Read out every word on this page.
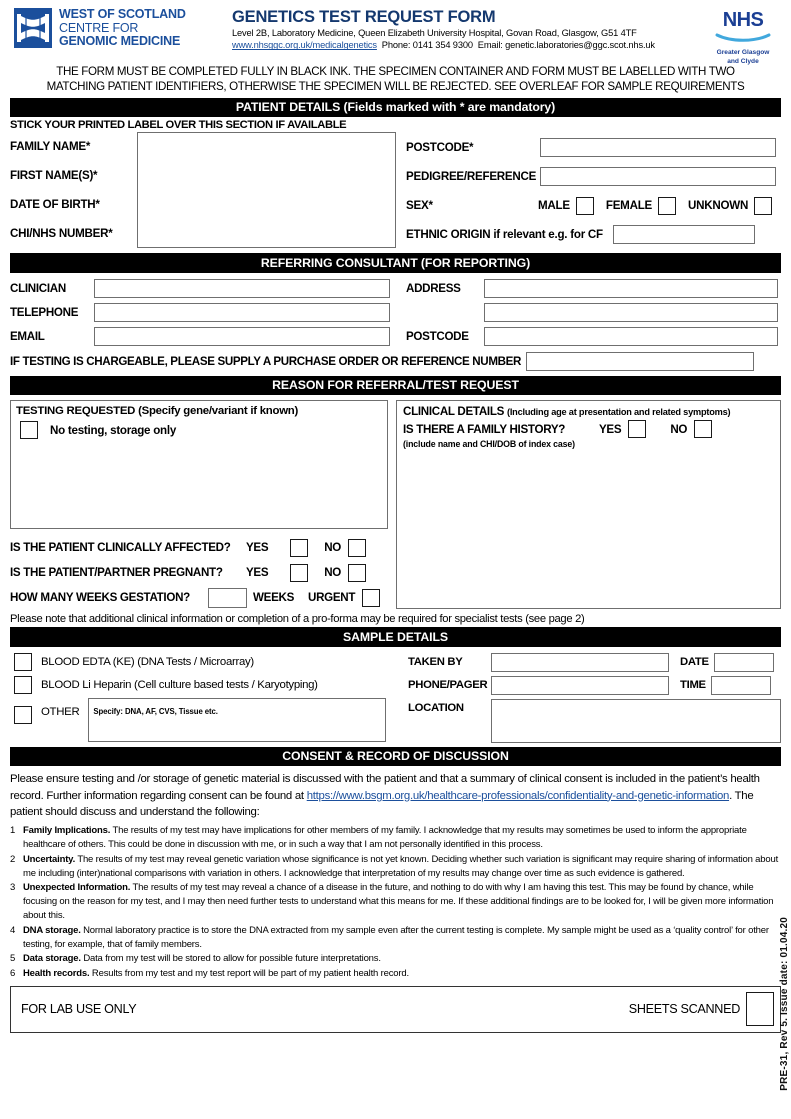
WEST OF SCOTLAND
CENTRE FOR
GENOMIC MEDICINE
GENETICS TEST REQUEST FORM
Level 2B, Laboratory Medicine, Queen Elizabeth University Hospital, Govan Road, Glasgow, G51 4TF
www.nhsggc.org.uk/medicalgenetics Phone: 0141 354 9300 Email: genetic.laboratories@ggc.scot.nhs.uk
NHS
Greater Glasgow
and Clyde
THE FORM MUST BE COMPLETED FULLY IN BLACK INK. THE SPECIMEN CONTAINER AND FORM MUST BE LABELLED WITH TWO
MATCHING PATIENT IDENTIFIERS, OTHERWISE THE SPECIMEN WILL BE REJECTED. SEE OVERLEAF FOR SAMPLE REQUIREMENTS
PATIENT DETAILS (Fields marked with * are mandatory)
STICK YOUR PRINTED LABEL OVER THIS SECTION IF AVAILABLE
FAMILY NAME*
FIRST NAME(S)*
DATE OF BIRTH*
CHI/NHS NUMBER*
POSTCODE*
PEDIGREE/REFERENCE
SEX*	MALE	FEMALE	UNKNOWN
ETHNIC ORIGIN if relevant e.g. for CF
REFERRING CONSULTANT (FOR REPORTING)
CLINICIAN
TELEPHONE
EMAIL
ADDRESS
POSTCODE
IF TESTING IS CHARGEABLE, PLEASE SUPPLY A PURCHASE ORDER OR REFERENCE NUMBER
REASON FOR REFERRAL/TEST REQUEST
TESTING REQUESTED (Specify gene/variant if known)
No testing, storage only
IS THE PATIENT CLINICALLY AFFECTED?	YES	NO
IS THE PATIENT/PARTNER PREGNANT?	YES	NO
HOW MANY WEEKS GESTATION?	WEEKS URGENT
CLINICAL DETAILS (Including age at presentation and related symptoms)
IS THERE A FAMILY HISTORY?	YES	NO
(include name and CHI/DOB of index case)
Please note that additional clinical information or completion of a pro-forma may be required for specialist tests (see page 2)
SAMPLE DETAILS
BLOOD EDTA (KE) (DNA Tests / Microarray)
BLOOD Li Heparin (Cell culture based tests / Karyotyping)
OTHER	Specify: DNA, AF, CVS, Tissue etc.
TAKEN BY	DATE
PHONE/PAGER	TIME
LOCATION
CONSENT & RECORD OF DISCUSSION
Please ensure testing and /or storage of genetic material is discussed with the patient and that a summary of clinical consent is included in the patient’s health record. Further information regarding consent can be found at https://www.bsgm.org.uk/healthcare-professionals/confidentiality-and-genetic-information. The patient should discuss and understand the following:
1 Family Implications. The results of my test may have implications for other members of my family. I acknowledge that my results may sometimes be used to inform the appropriate healthcare of others. This could be done in discussion with me, or in such a way that I am not personally identified in this process.
2 Uncertainty. The results of my test may reveal genetic variation whose significance is not yet known. Deciding whether such variation is significant may require sharing of information about me including (inter)national comparisons with variation in others. I acknowledge that interpretation of my results may change over time as such evidence is gathered.
3 Unexpected Information. The results of my test may reveal a chance of a disease in the future, and nothing to do with why I am having this test. This may be found by chance, while focusing on the reason for my test, and I may then need further tests to understand what this means for me. If these additional findings are to be looked for, I will be given more information about this.
4 DNA storage. Normal laboratory practice is to store the DNA extracted from my sample even after the current testing is complete. My sample might be used as a ‘quality control’ for other testing, for example, that of family members.
5 Data storage. Data from my test will be stored to allow for possible future interpretations.
6 Health records. Results from my test and my test report will be part of my patient health record.
FOR LAB USE ONLY	SHEETS SCANNED	PRE-31, Rev 5. Issue date: 01.04.20
